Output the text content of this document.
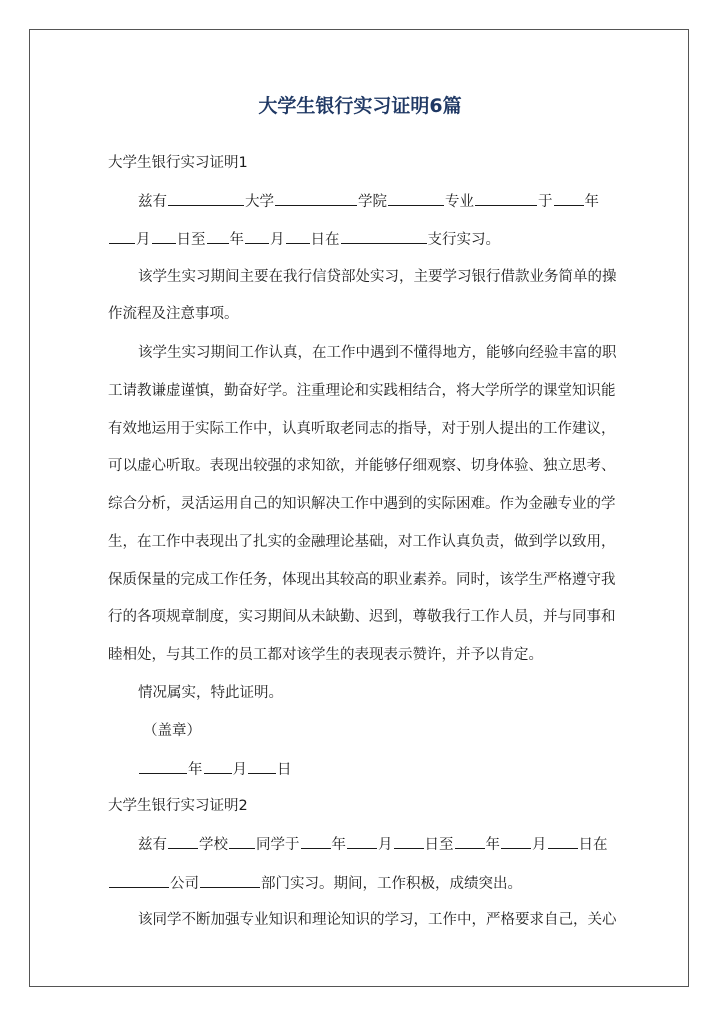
大学生银行实习证明6篇
大学生银行实习证明1
兹有	大学	学院	专业	于 年
月 日至 年 月 日在	支行实习。
该学生实习期间主要在我行信贷部处实习，主要学习银行借款业务简单的操
作流程及注意事项。
该学生实习期间工作认真，在工作中遇到不懂得地方，能够向经验丰富的职
工请教谦虚谨慎，勤奋好学。注重理论和实践相结合，将大学所学的课堂知识能
有效地运用于实际工作中，认真听取老同志的指导，对于别人提出的工作建议，
可以虚心听取。表现出较强的求知欲，并能够仔细观察、切身体验、独立思考、
综合分析，灵活运用自己的知识解决工作中遇到的实际困难。作为金融专业的学
生，在工作中表现出了扎实的金融理论基础，对工作认真负责，做到学以致用，
保质保量的完成工作任务，体现出其较高的职业素养。同时，该学生严格遵守我
行的各项规章制度，实习期间从未缺勤、迟到，尊敬我行工作人员，并与同事和
睦相处，与其工作的员工都对该学生的表现表示赞许，并予以肯定。
情况属实，特此证明。
（盖章）
年 月 日
大学生银行实习证明2
兹有 学校 同学于 年 月 日至 年 月 日在
公司	部门实习。期间，工作积极，成绩突出。
该同学不断加强专业知识和理论知识的学习，工作中，严格要求自己，关心
